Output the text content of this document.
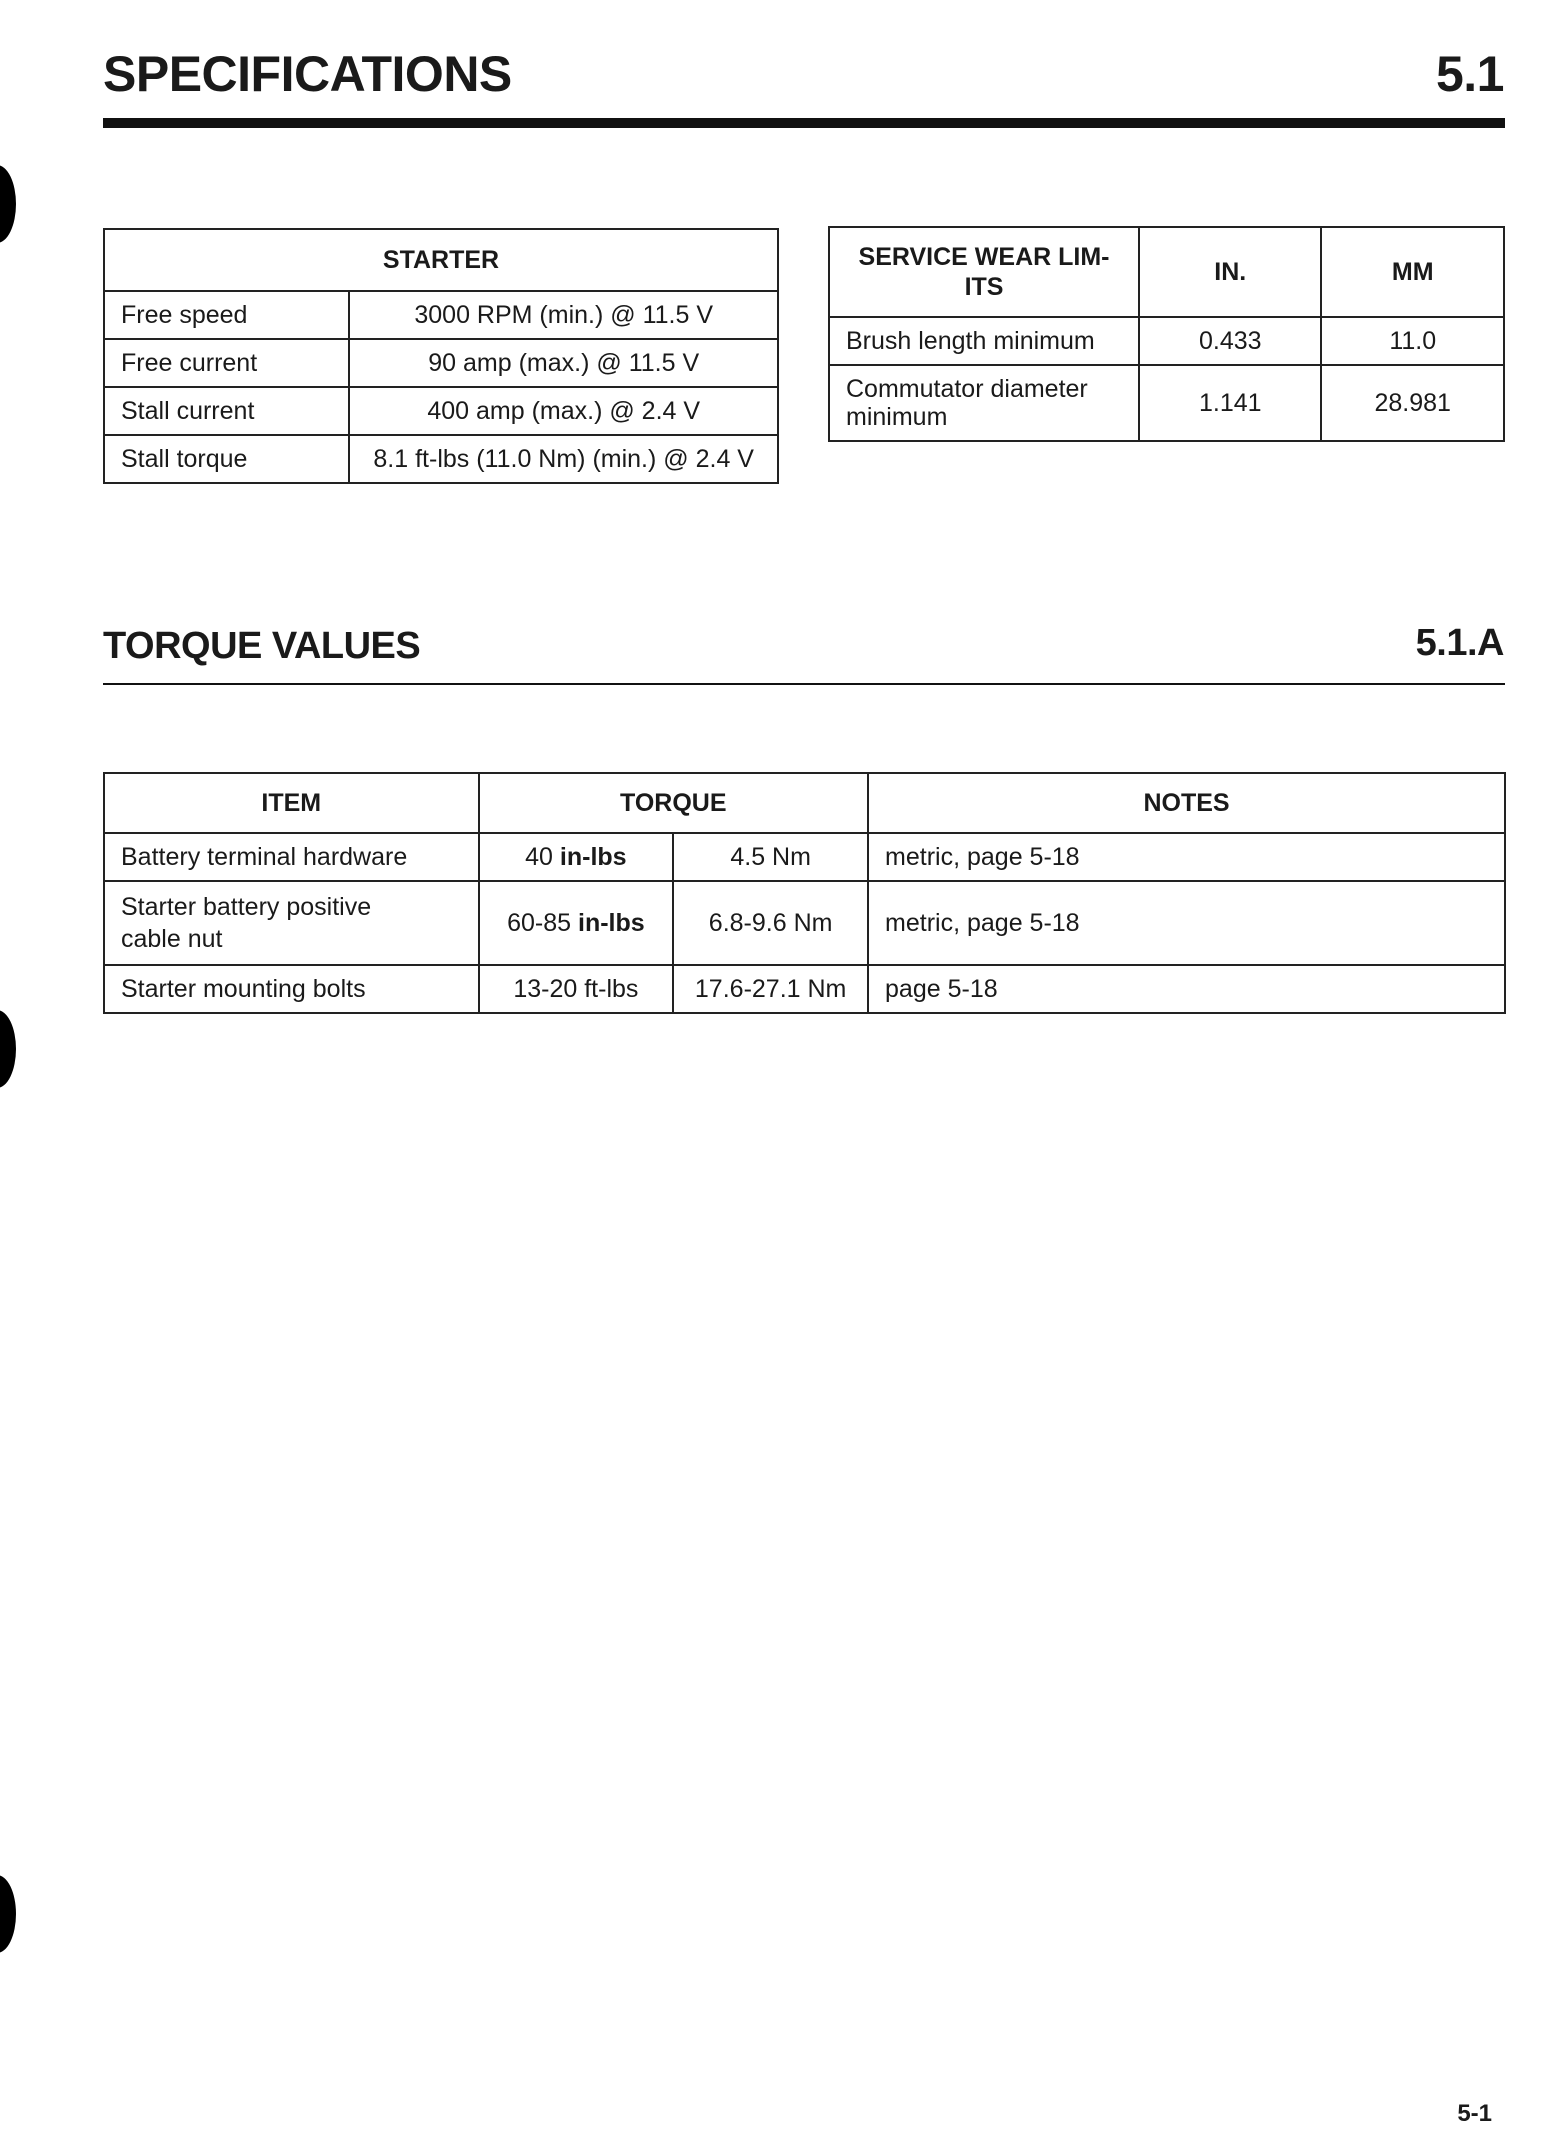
SPECIFICATIONS	5.1
STARTER	
Free speed	3000 RPM (min.) @ 11.5 V
Free current	90 amp (max.) @ 11.5 V
Stall current	400 amp (max.) @ 2.4 V
Stall torque	8.1 ft-lbs (11.0 Nm) (min.) @ 2.4 V
SERVICE WEAR LIM-
ITS	IN.	MM
Brush length minimum	0.433	11.0
Commutator diameter
minimum	1.141	28.981
TORQUE VALUES	5.1.A
ITEM	TORQUE		NOTES
Battery terminal hardware	40 in-lbs	4.5 Nm	metric, page 5-18
Starter battery positive
cable nut	60-85 in-lbs	6.8-9.6 Nm	metric, page 5-18
Starter mounting bolts	13-20 ft-lbs	17.6-27.1 Nm	page 5-18
5-1
